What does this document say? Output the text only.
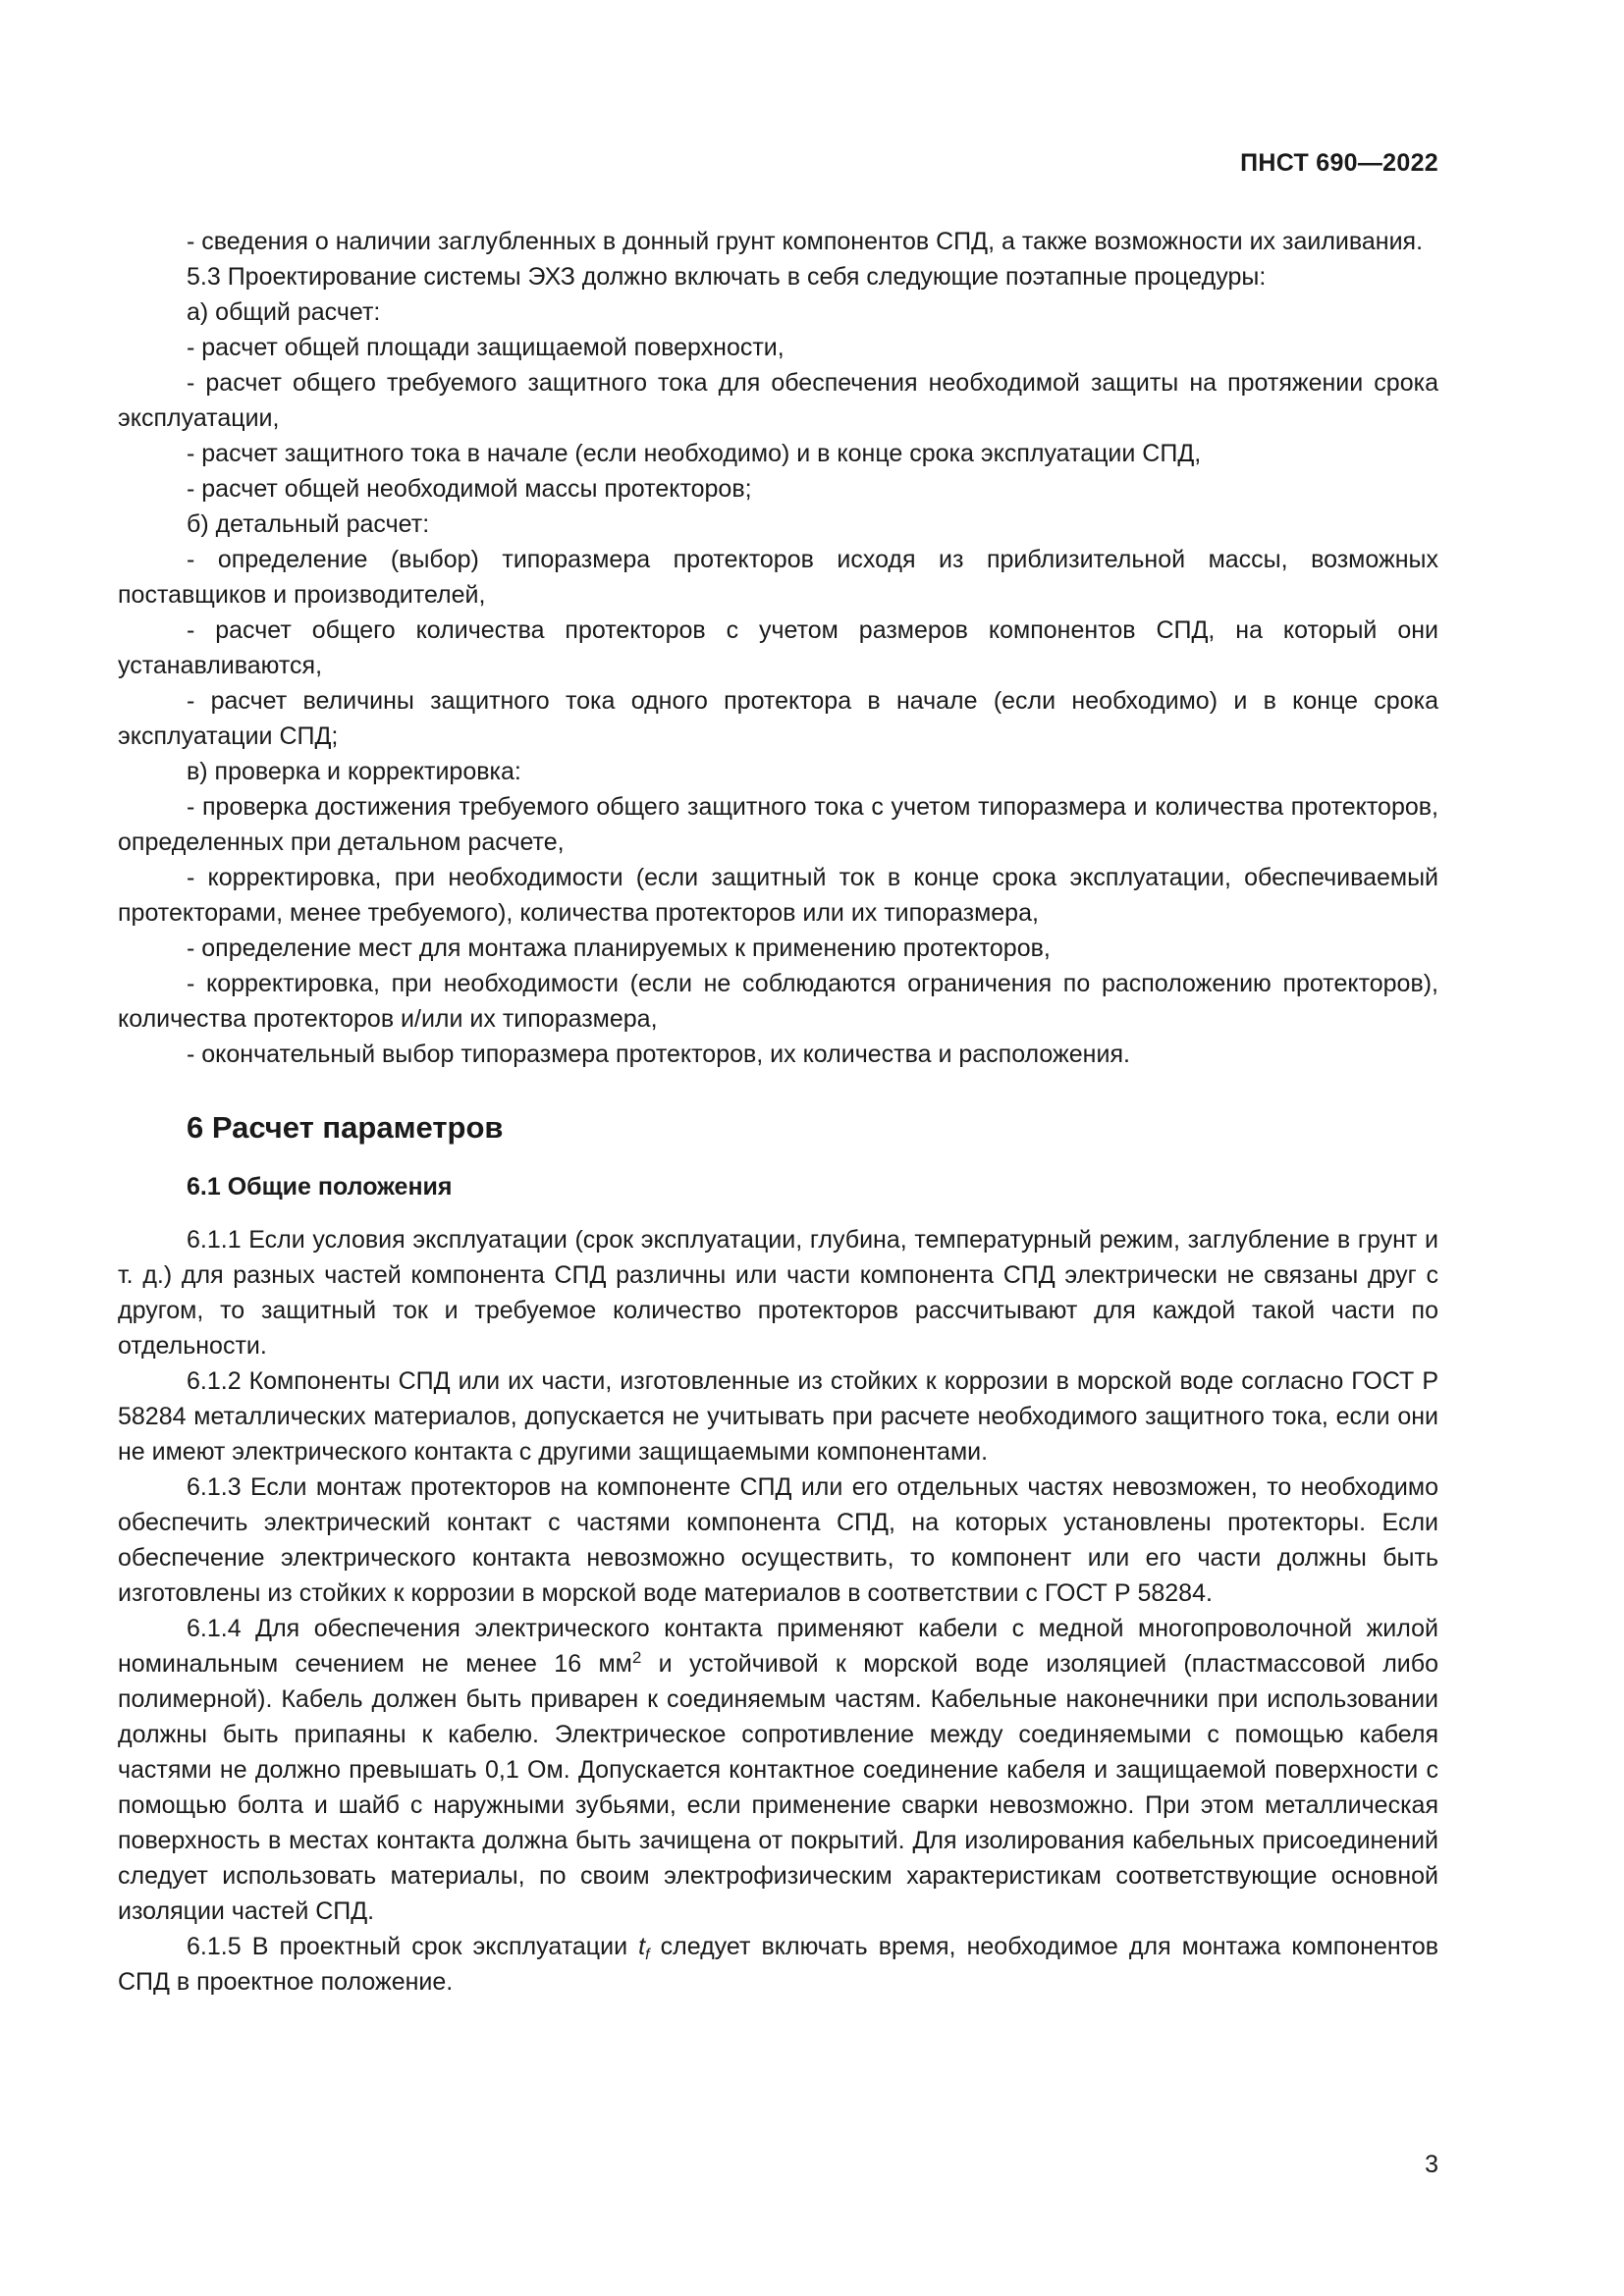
ПНСТ 690—2022

- сведения о наличии заглубленных в донный грунт компонентов СПД, а также возможности их заиливания.

5.3 Проектирование системы ЭХЗ должно включать в себя следующие поэтапные процедуры:

а) общий расчет:

- расчет общей площади защищаемой поверхности,

- расчет общего требуемого защитного тока для обеспечения необходимой защиты на протяжении срока эксплуатации,

- расчет защитного тока в начале (если необходимо) и в конце срока эксплуатации СПД,

- расчет общей необходимой массы протекторов;

б) детальный расчет:

- определение (выбор) типоразмера протекторов исходя из приблизительной массы, возможных поставщиков и производителей,

- расчет общего количества протекторов с учетом размеров компонентов СПД, на который они устанавливаются,

- расчет величины защитного тока одного протектора в начале (если необходимо) и в конце срока эксплуатации СПД;

в) проверка и корректировка:

- проверка достижения требуемого общего защитного тока с учетом типоразмера и количества протекторов, определенных при детальном расчете,

- корректировка, при необходимости (если защитный ток в конце срока эксплуатации, обеспечиваемый протекторами, менее требуемого), количества протекторов или их типоразмера,

- определение мест для монтажа планируемых к применению протекторов,

- корректировка, при необходимости (если не соблюдаются ограничения по расположению протекторов), количества протекторов и/или их типоразмера,

- окончательный выбор типоразмера протекторов, их количества и расположения.

6 Расчет параметров
6.1 Общие положения

6.1.1 Если условия эксплуатации (срок эксплуатации, глубина, температурный режим, заглубление в грунт и т. д.) для разных частей компонента СПД различны или части компонента СПД электрически не связаны друг с другом, то защитный ток и требуемое количество протекторов рассчитывают для каждой такой части по отдельности.

6.1.2 Компоненты СПД или их части, изготовленные из стойких к коррозии в морской воде согласно ГОСТ Р 58284 металлических материалов, допускается не учитывать при расчете необходимого защитного тока, если они не имеют электрического контакта с другими защищаемыми компонентами.

6.1.3 Если монтаж протекторов на компоненте СПД или его отдельных частях невозможен, то необходимо обеспечить электрический контакт с частями компонента СПД, на которых установлены протекторы. Если обеспечение электрического контакта невозможно осуществить, то компонент или его части должны быть изготовлены из стойких к коррозии в морской воде материалов в соответствии с ГОСТ Р 58284.

6.1.4 Для обеспечения электрического контакта применяют кабели с медной многопроволочной жилой номинальным сечением не менее 16 $мм^2$ и устойчивой к морской воде изоляцией (пластмассовой либо полимерной). Кабель должен быть приварен к соединяемым частям. Кабельные наконечники при использовании должны быть припаяны к кабелю. Электрическое сопротивление между соединяемыми с помощью кабеля частями не должно превышать 0,1 Ом. Допускается контактное соединение кабеля и защищаемой поверхности с помощью болта и шайб с наружными зубьями, если применение сварки невозможно. При этом металлическая поверхность в местах контакта должна быть зачищена от покрытий. Для изолирования кабельных присоединений следует использовать материалы, по своим электрофизическим характеристикам соответствующие основной изоляции частей СПД.

6.1.5 В проектный срок эксплуатации $t_f$ следует включать время, необходимое для монтажа компонентов СПД в проектное положение.

3
